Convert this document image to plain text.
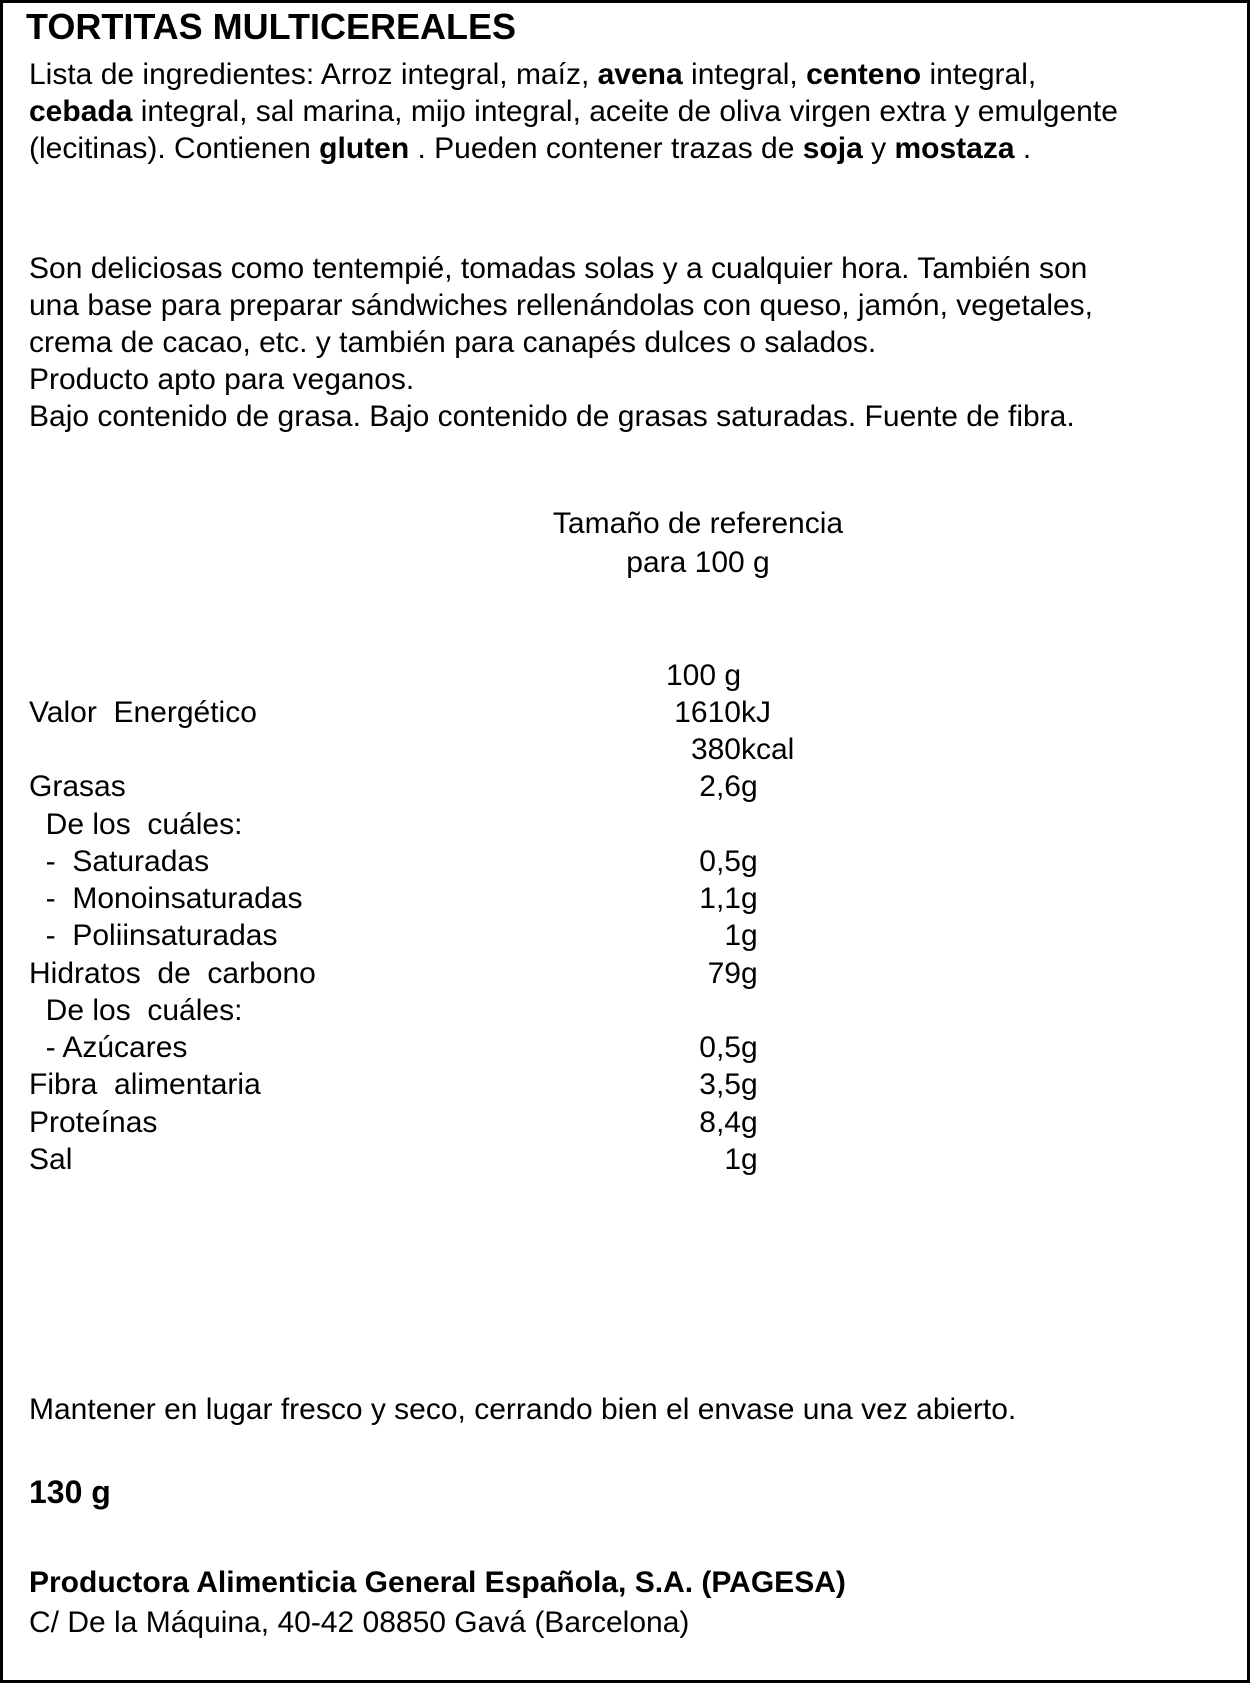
TORTITAS MULTICEREALES
Lista de ingredientes: Arroz integral, maíz, avena integral, centeno integral,
cebada integral, sal marina, mijo integral, aceite de oliva virgen extra y emulgente
(lecitinas). Contienen gluten . Pueden contener trazas de soja y mostaza .
Son deliciosas como tentempié, tomadas solas y a cualquier hora. También son
una base para preparar sándwiches rellenándolas con queso, jamón, vegetales,
crema de cacao, etc. y también para canapés dulces o salados.
Producto apto para veganos.
Bajo contenido de grasa. Bajo contenido de grasas saturadas. Fuente de fibra.
Tamaño de referencia
para 100 g
100 g
Valor  Energético	1610 kJ
380 kcal
Grasas	2,6 g
De los  cuáles:
-  Saturadas	0,5 g
-  Monoinsaturadas	1,1 g
-  Poliinsaturadas	1 g
Hidratos  de  carbono	79 g
De los  cuáles:
- Azúcares	0,5 g
Fibra  alimentaria	3,5 g
Proteínas	8,4 g
Sal	1 g
Mantener en lugar fresco y seco, cerrando bien el envase una vez abierto.
130 g
Productora Alimenticia General Española, S.A. (PAGESA)
C/ De la Máquina, 40-42 08850 Gavá (Barcelona)
